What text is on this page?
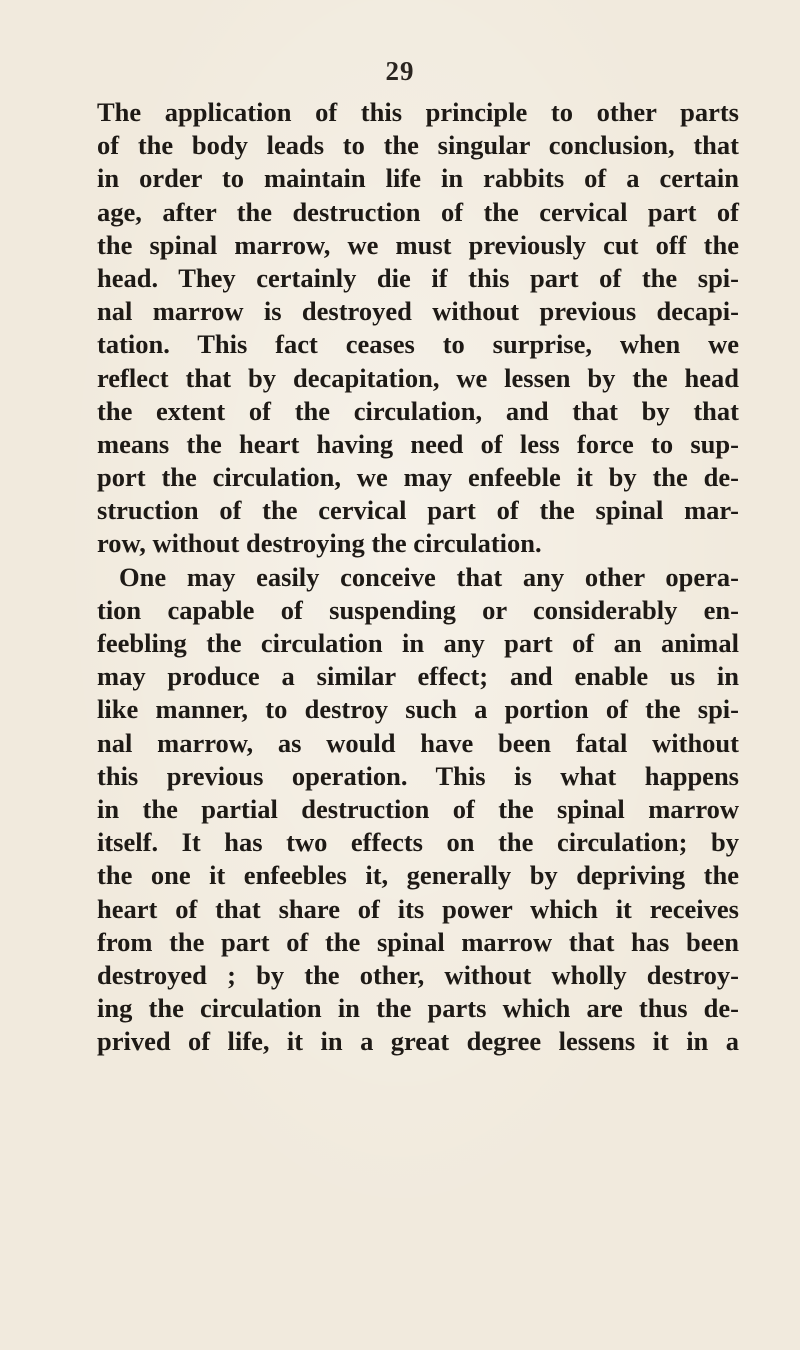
29
The application of this principle to other parts
of the body leads to the singular conclusion, that
in order to maintain life in rabbits of a certain
age, after the destruction of the cervical part of
the spinal marrow, we must previously cut off the
head. They certainly die if this part of the spi-
nal marrow is destroyed without previous decapi-
tation. This fact ceases to surprise, when we
reflect that by decapitation, we lessen by the head
the extent of the circulation, and that by that
means the heart having need of less force to sup-
port the circulation, we may enfeeble it by the de-
struction of the cervical part of the spinal mar-
row, without destroying the circulation.
One may easily conceive that any other opera-
tion capable of suspending or considerably en-
feebling the circulation in any part of an animal
may produce a similar effect; and enable us in
like manner, to destroy such a portion of the spi-
nal marrow, as would have been fatal without
this previous operation. This is what happens
in the partial destruction of the spinal marrow
itself. It has two effects on the circulation; by
the one it enfeebles it, generally by depriving the
heart of that share of its power which it receives
from the part of the spinal marrow that has been
destroyed ; by the other, without wholly destroy-
ing the circulation in the parts which are thus de-
prived of life, it in a great degree lessens it in a
